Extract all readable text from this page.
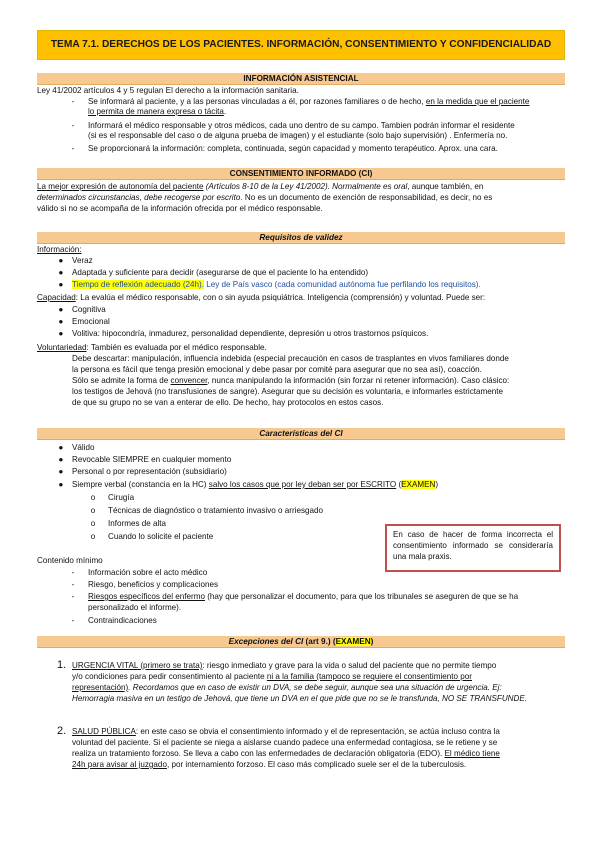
TEMA 7.1. DERECHOS DE LOS PACIENTES. INFORMACIÓN, CONSENTIMIENTO Y CONFIDENCIALIDAD
INFORMACIÓN ASISTENCIAL
Ley 41/2002 artículos 4 y 5 regulan El derecho a la información sanitaria.
-	Se informará al paciente, y a las personas vinculadas a él, por razones familiares o de hecho, en la medida que el paciente
lo permita de manera expresa o tácita.
-	Informará el médico responsable y otros médicos, cada uno dentro de su campo. Tambien podrán informar el residente
(si es el responsable del caso o de alguna prueba de imagen) y el estudiante (solo bajo supervisión) . Enfermería no.
-	Se proporcionará la información: completa, continuada, según capacidad y momento terapéutico. Aprox. una cara.
CONSENTIMIENTO INFORMADO (CI)
La mejor expresión de autonomía del paciente (Artículos 8-10 de la Ley 41/2002). Normalmente es oral, aunque también, en
determinados circunstancias, debe recogerse por escrito. No es un documento de exención de responsabilidad, es decir, no es
válido si no se acompaña de la información ofrecida por el médico responsable.
Requisitos de validez
Información:
●	Veraz
●	Adaptada y suficiente para decidir (asegurarse de que el paciente lo ha entendido)
●	Tiempo de reflexión adecuado (24h). Ley de País vasco (cada comunidad autónoma fue perfilando los requisitos).
Capacidad: La evalúa el médico responsable, con o sin ayuda psiquiátrica. Inteligencia (comprensión) y voluntad. Puede ser:
●	Cognitiva
●	Emocional
●	Volitiva: hipocondría, inmadurez, personalidad dependiente, depresión u otros trastornos psíquicos.
Voluntariedad: También es evaluada por el médico responsable.
Debe descartar: manipulación, influencia indebida (especial precaución en casos de trasplantes en vivos familiares donde
la persona es fácil que tenga presión emocional y debe pasar por comité para asegurar que no sea así), coacción.
Sólo se admite la forma de convencer, nunca manipulando la información (sin forzar ni retener información). Caso clásico:
los testigos de Jehová (no transfusiones de sangre). Asegurar que su decisión es voluntaria, e informarles estrictamente
de que su grupo no se van a enterar de ello. De hecho, hay protocolos en estos casos.
Características del CI
●	Válido
●	Revocable SIEMPRE en cualquier momento
●	Personal o por representación (subsidiario)
●	Siempre verbal (constancia en la HC) salvo los casos que por ley deban ser por ESCRITO (EXAMEN)
o	Cirugía
o	Técnicas de diagnóstico o tratamiento invasivo o arriesgado
o	Informes de alta
o	Cuando lo solicite el paciente	En caso de hacer de forma incorrecta el consentimiento informado se consideraría una mala praxis.
Contenido mínimo
-	Información sobre el acto médico
-	Riesgo, beneficios y complicaciones
-	Riesgos específicos del enfermo (hay que personalizar el documento, para que los tribunales se aseguren de que se ha
personalizado el informe).
-	Contraindicaciones
Excepciones del CI (art 9.) (EXAMEN)
1. URGENCIA VITAL (primero se trata): riesgo inmediato y grave para la vida o salud del paciente que no permite tiempo
y/o condiciones para pedir consentimiento al paciente ni a la familia (tampoco se requiere el consentimiento por
representación). Recordamos que en caso de existir un DVA, se debe seguir, aunque sea una situación de urgencia. Ej:
Hemorragia masiva en un testigo de Jehová, que tiene un DVA en el que pide que no se le transfunda, NO SE TRANSFUNDE.
2. SALUD PÚBLICA: en este caso se obvia el consentimiento informado y el de representación, se actúa incluso contra la
voluntad del paciente. Si el paciente se niega a aislarse cuando padece una enfermedad contagiosa, se le retiene y se
realiza un tratamiento forzoso. Se lleva a cabo con las enfermedades de declaración obligatoria (EDO). El médico tiene
24h para avisar al juzgado, por internamiento forzoso. El caso más complicado suele ser el de la tuberculosis.
